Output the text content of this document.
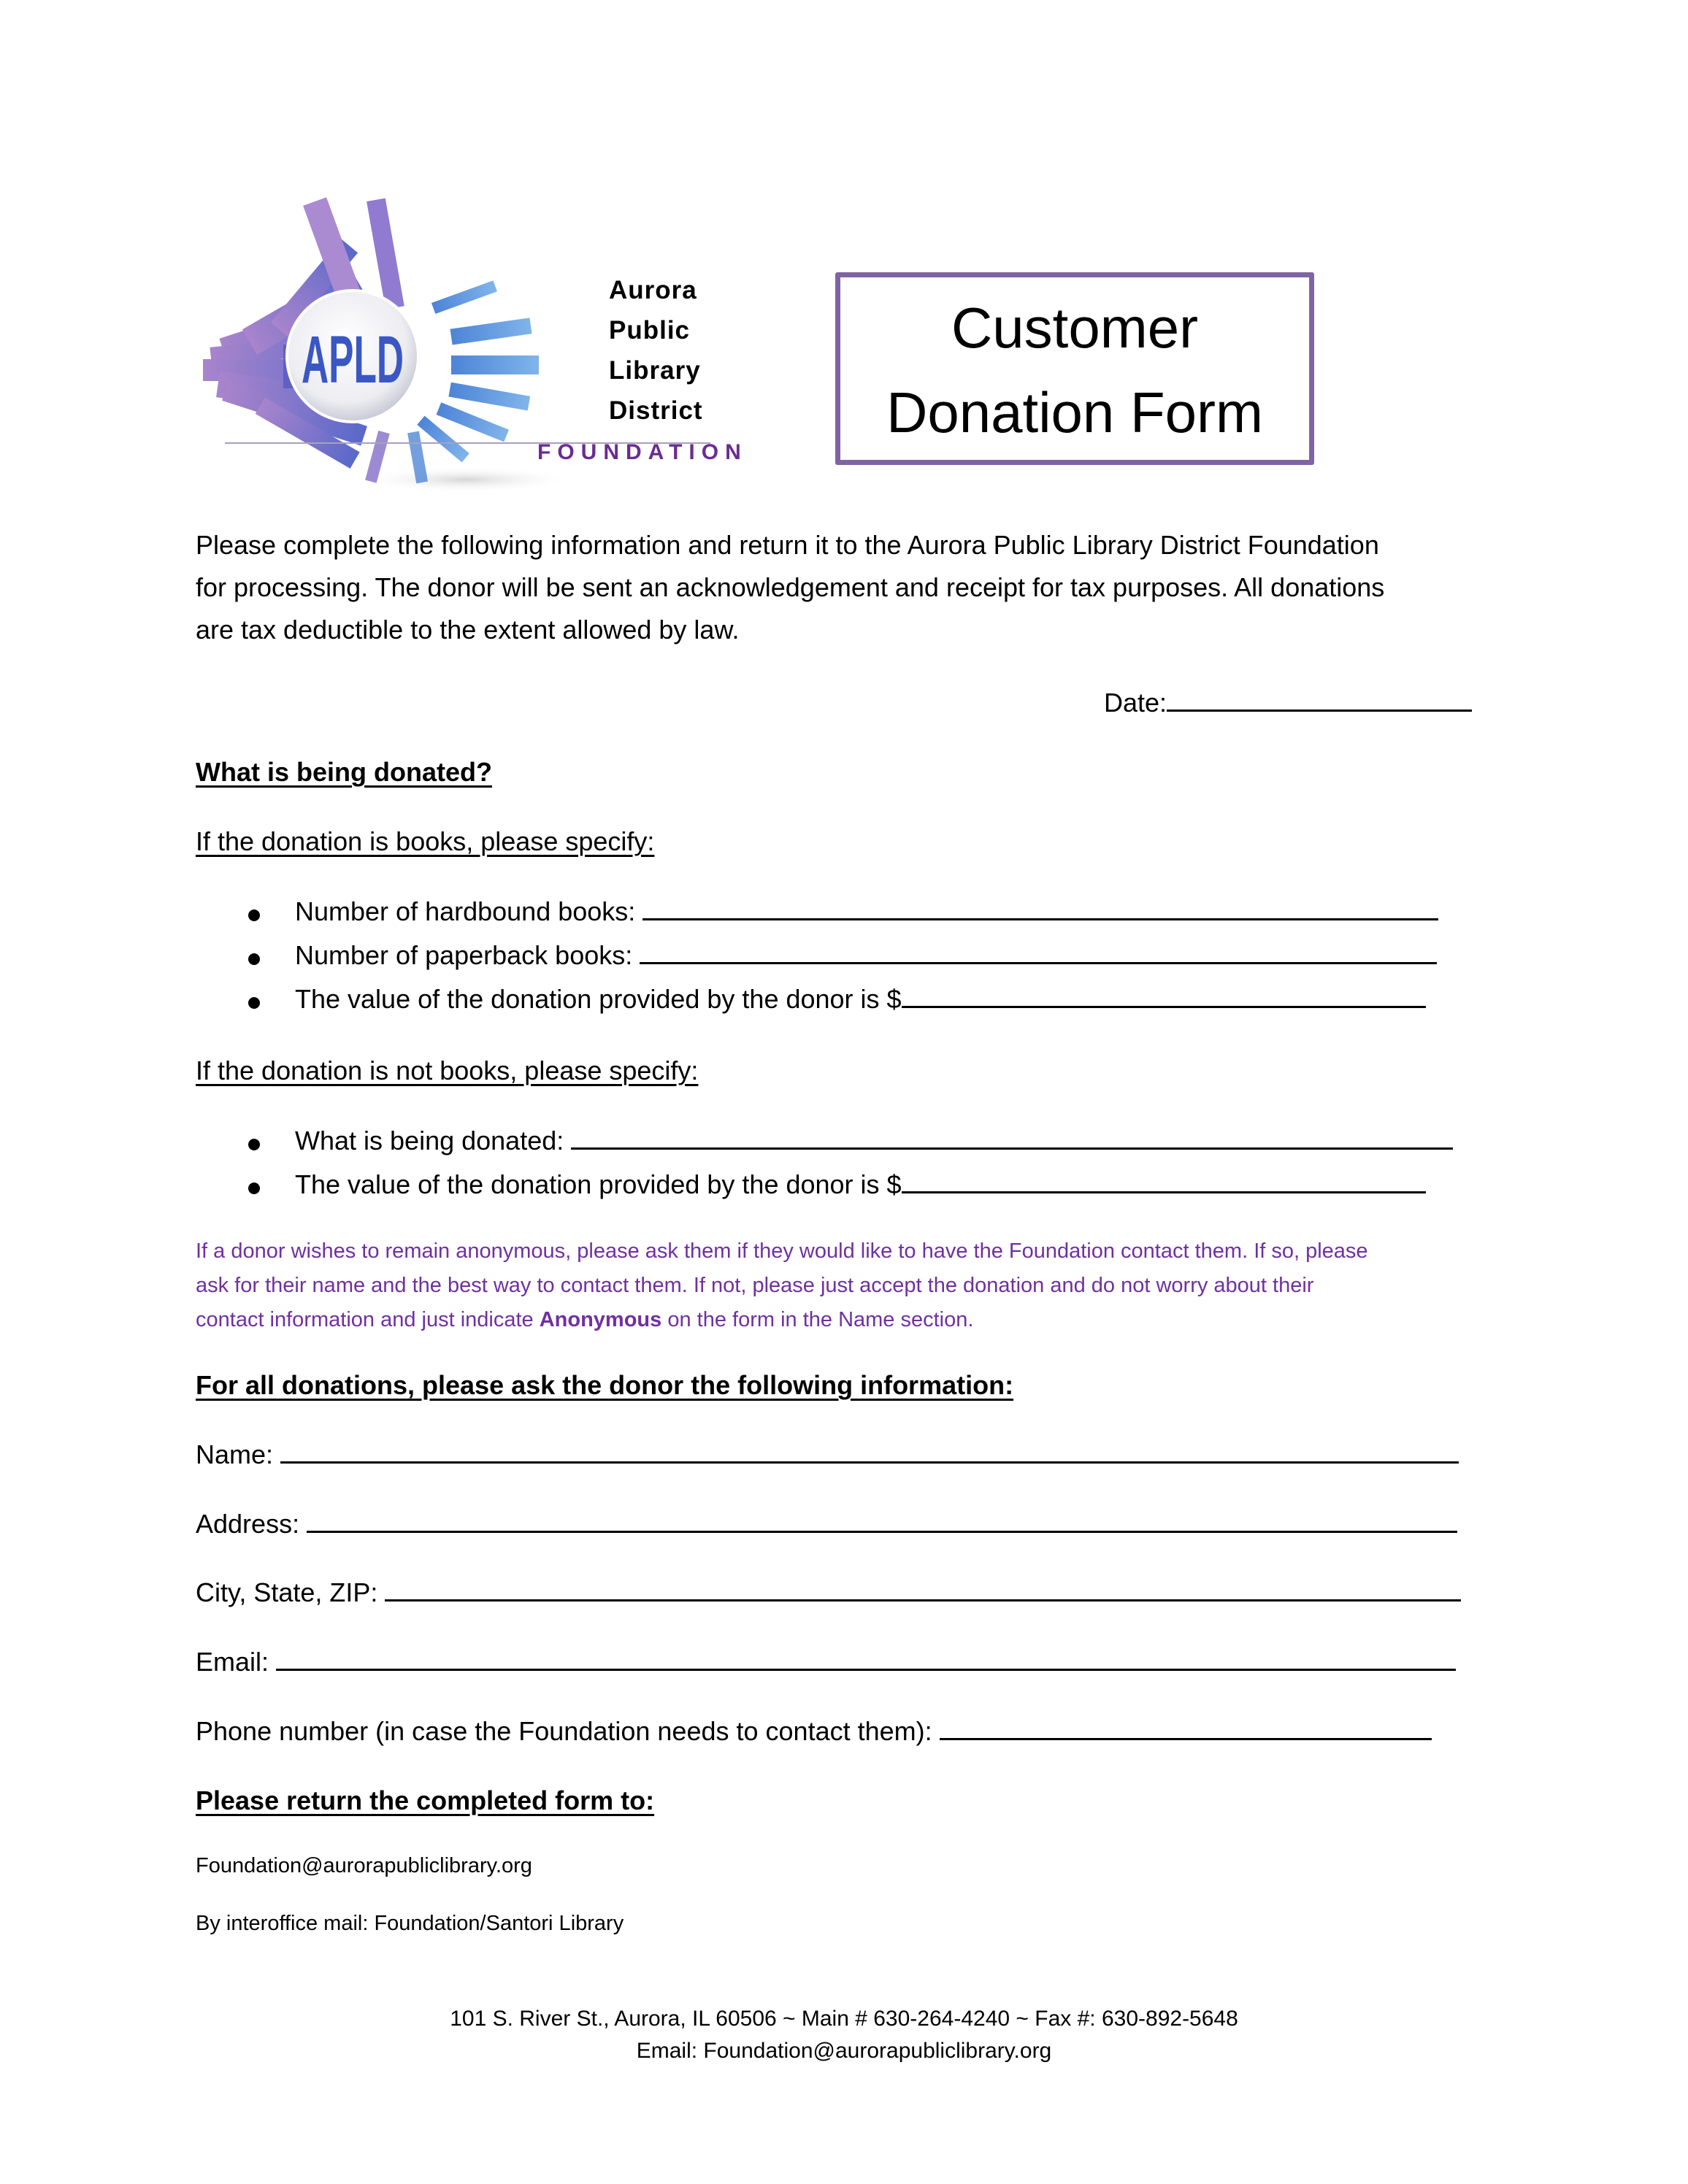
APLD
Aurora
Public
Library
District
FOUNDATION
Customer
Donation Form
Please complete the following information and return it to the Aurora Public Library District Foundation
for processing. The donor will be sent an acknowledgement and receipt for tax purposes. All donations
are tax deductible to the extent allowed by law.
Date:
What is being donated?
If the donation is books, please specify:
Number of hardbound books:
Number of paperback books:
The value of the donation provided by the donor is $
If the donation is not books, please specify:
What is being donated:
The value of the donation provided by the donor is $
If a donor wishes to remain anonymous, please ask them if they would like to have the Foundation contact them. If so, please
ask for their name and the best way to contact them. If not, please just accept the donation and do not worry about their
contact information and just indicate Anonymous on the form in the Name section.
For all donations, please ask the donor the following information:
Name:
Address:
City, State, ZIP:
Email:
Phone number (in case the Foundation needs to contact them):
Please return the completed form to:
Foundation@aurorapubliclibrary.org
By interoffice mail: Foundation/Santori Library
101 S. River St., Aurora, IL 60506 ~ Main # 630-264-4240 ~ Fax #: 630-892-5648
Email: Foundation@aurorapubliclibrary.org
